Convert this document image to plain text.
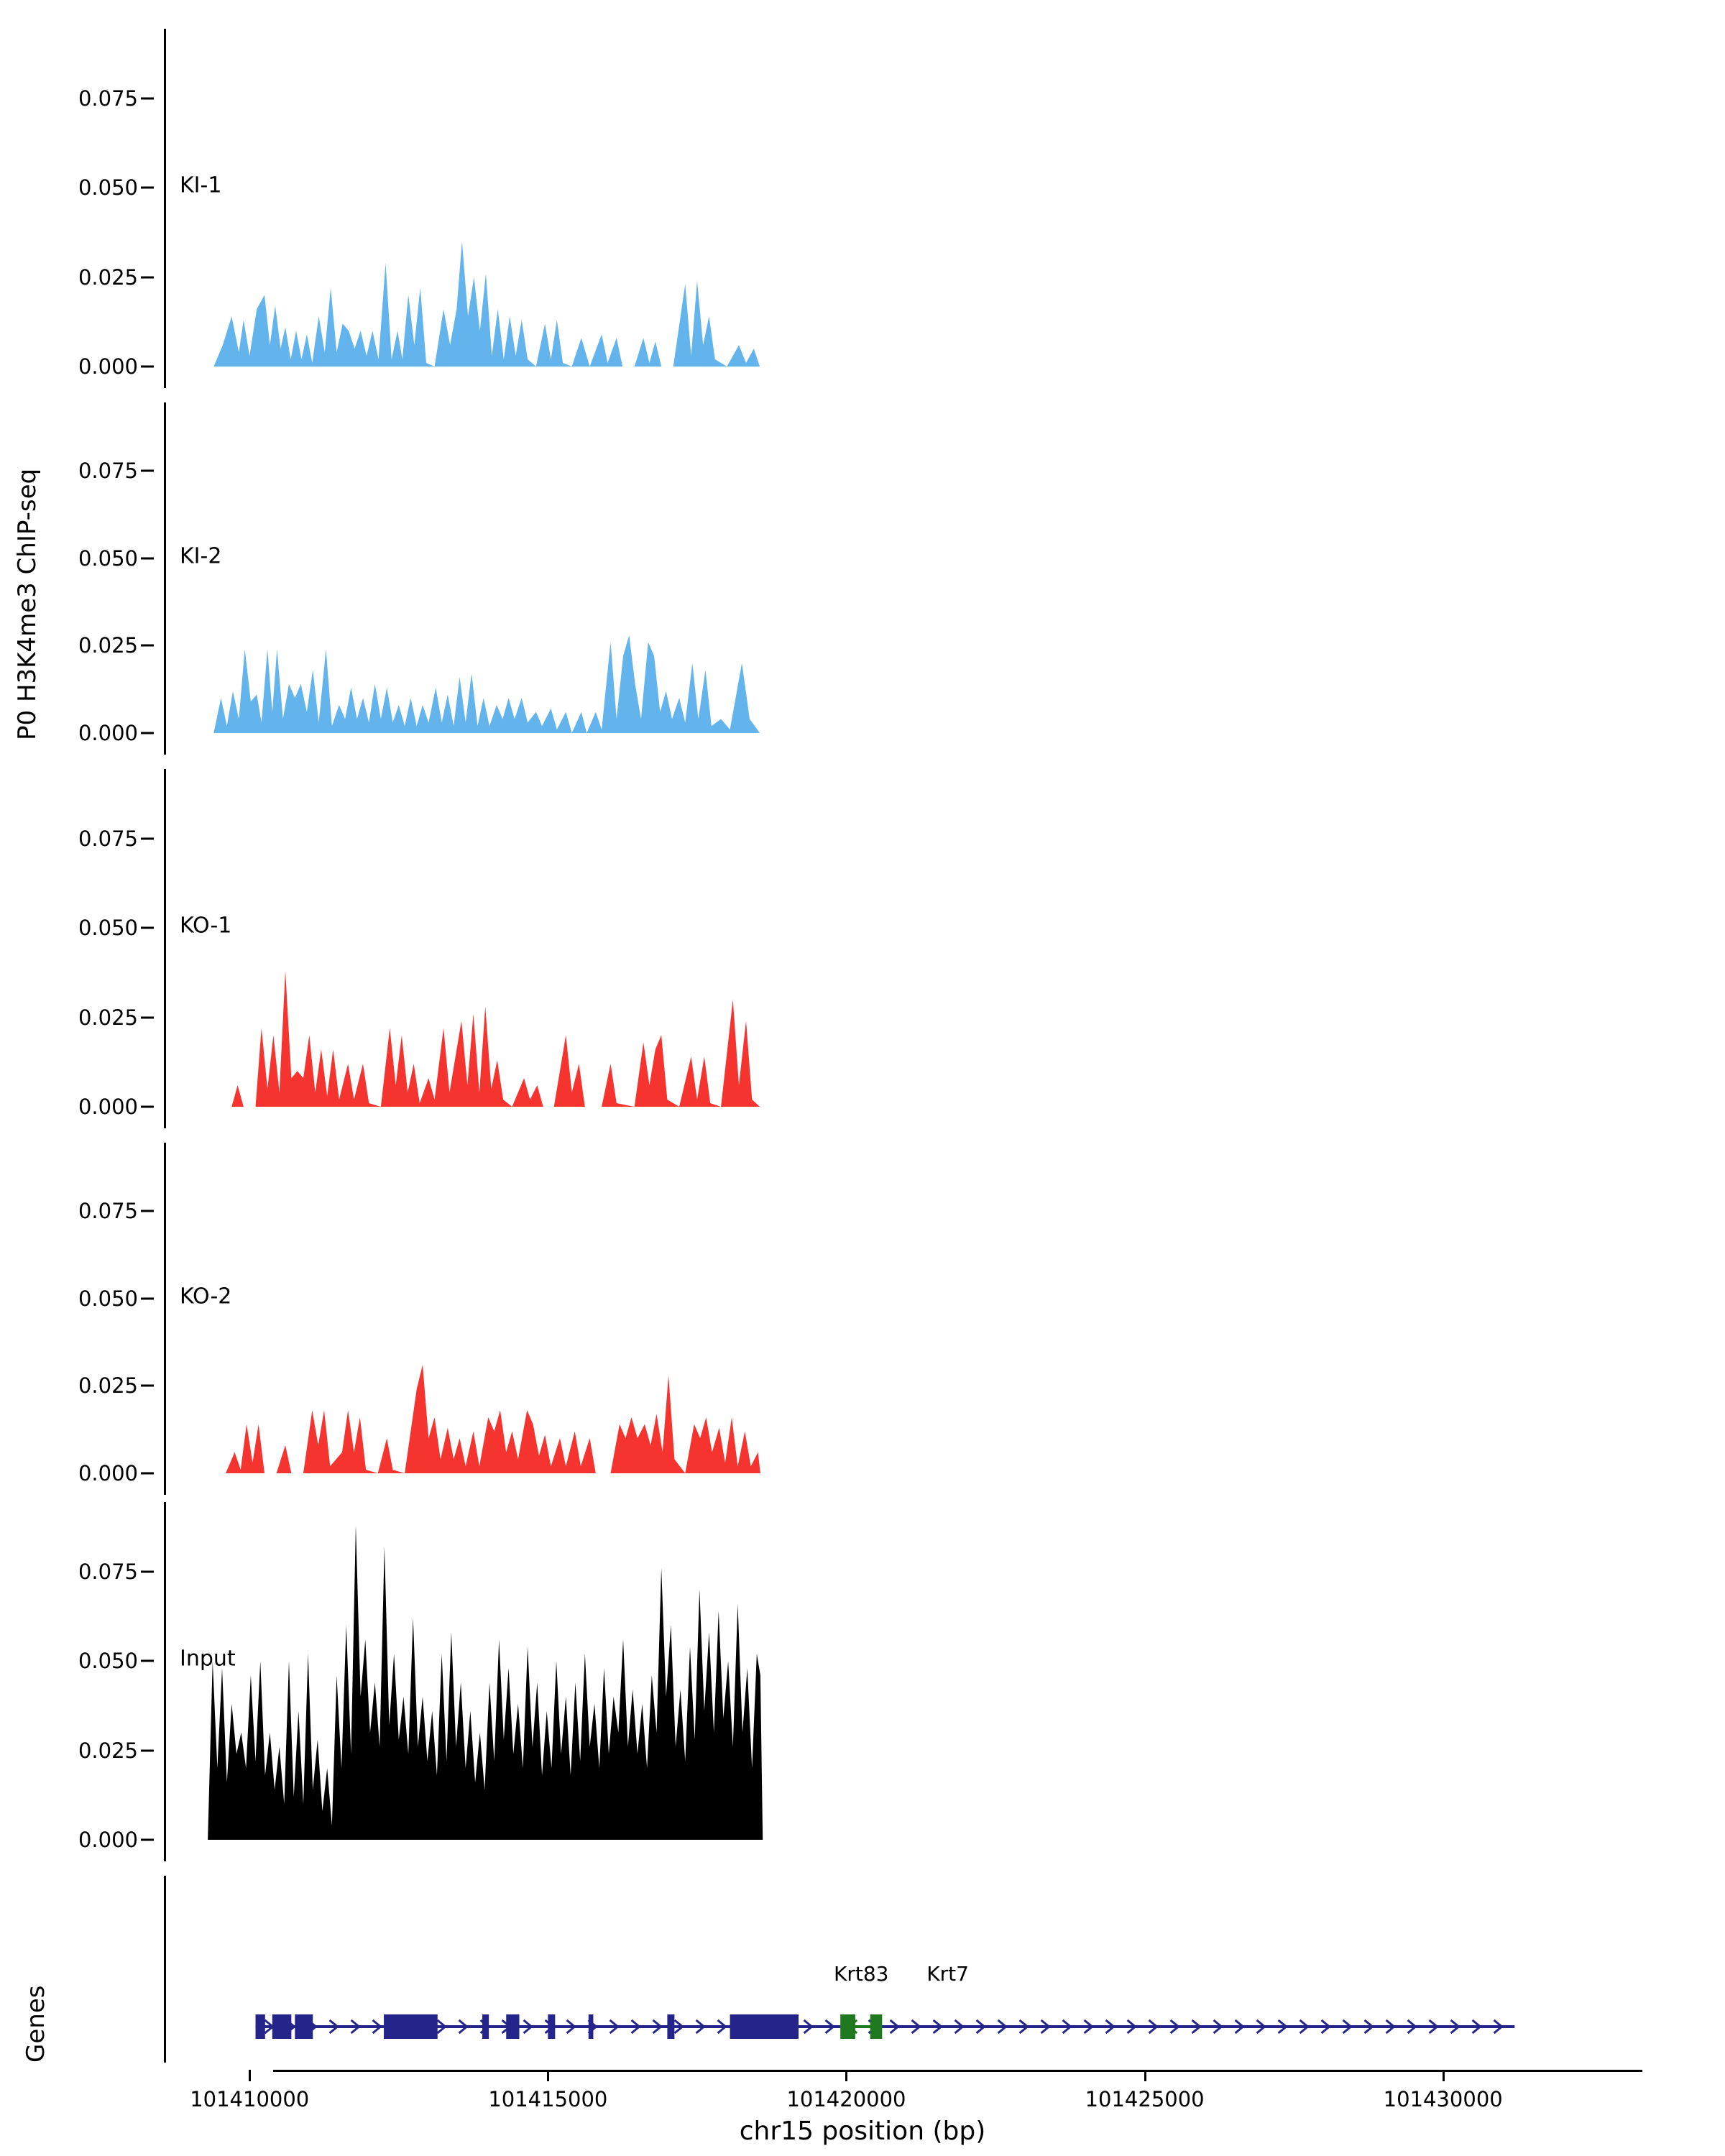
P0 H3K4me3 ChIP-seq
Genes
0.000
0.025
0.050
0.075
KI-1
0.000
0.025
0.050
0.075
KI-2
0.000
0.025
0.050
0.075
KO-1
0.000
0.025
0.050
0.075
KO-2
0.000
0.025
0.050
0.075
Input
Krt7
Krt83
101410000	101415000	101420000	101425000	101430000
chr15 position (bp)
